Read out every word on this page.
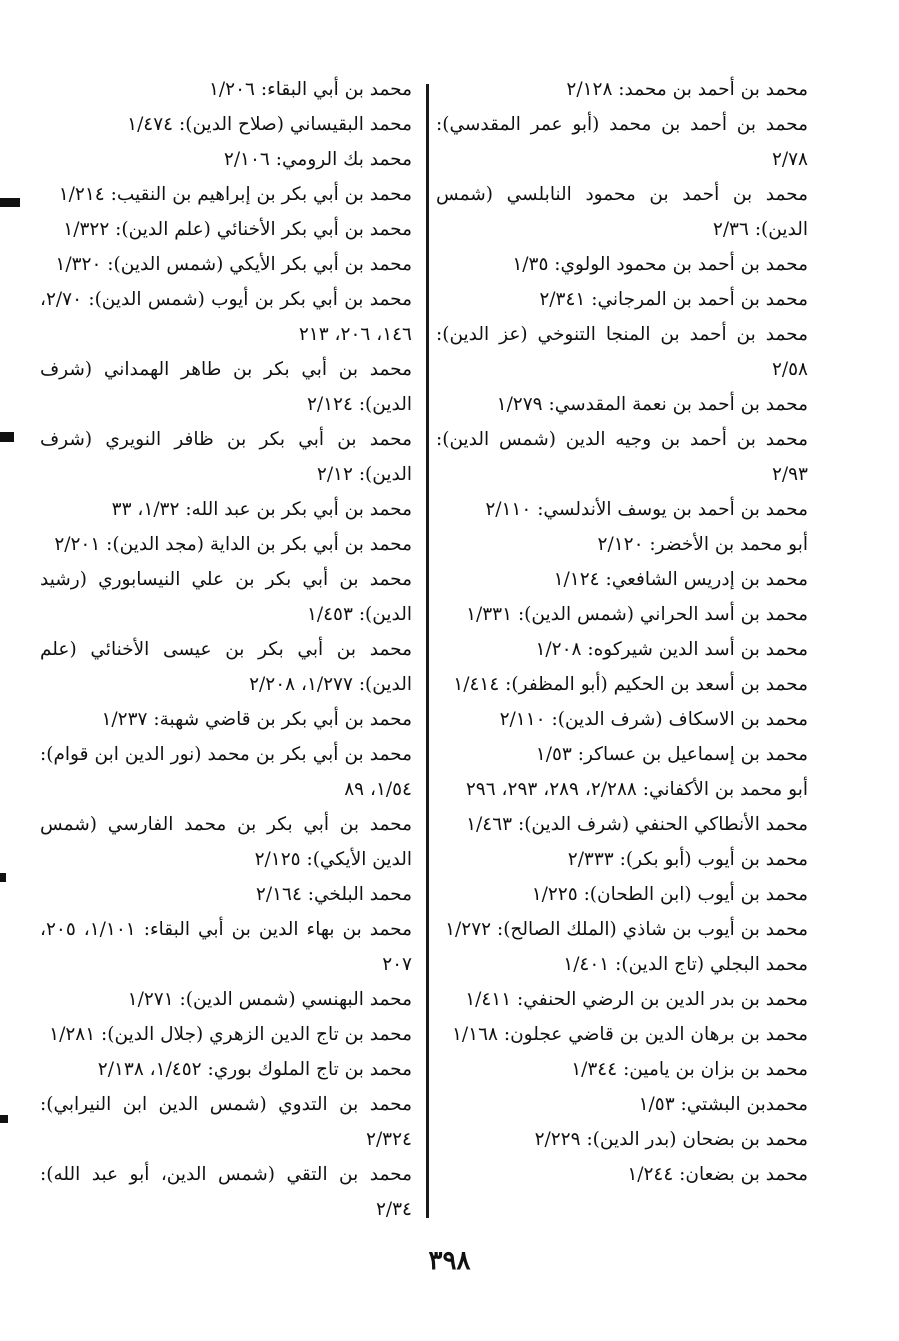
محمد بن أحمد بن محمد: ٢/١٢٨

محمد بن أحمد بن محمد (أبو عمر المقدسي): ٢/٧٨

محمد بن أحمد بن محمود النابلسي (شمس الدين): ٢/٣٦

محمد بن أحمد بن محمود الولوي: ١/٣٥

محمد بن أحمد بن المرجاني: ٢/٣٤١

محمد بن أحمد بن المنجا التنوخي (عز الدين): ٢/٥٨

محمد بن أحمد بن نعمة المقدسي: ١/٢٧٩

محمد بن أحمد بن وجيه الدين (شمس الدين): ٢/٩٣

محمد بن أحمد بن يوسف الأندلسي: ٢/١١٠

أبو محمد بن الأخضر: ٢/١٢٠

محمد بن إدريس الشافعي: ١/١٢٤

محمد بن أسد الحراني (شمس الدين): ١/٣٣١

محمد بن أسد الدين شيركوه: ١/٢٠٨

محمد بن أسعد بن الحكيم (أبو المظفر): ١/٤١٤

محمد بن الاسكاف (شرف الدين): ٢/١١٠

محمد بن إسماعيل بن عساكر: ١/٥٣

أبو محمد بن الأكفاني: ٢/٢٨٨، ٢٨٩، ٢٩٣، ٢٩٦

محمد الأنطاكي الحنفي (شرف الدين): ١/٤٦٣

محمد بن أيوب (أبو بكر): ٢/٣٣٣

محمد بن أيوب (ابن الطحان): ١/٢٢٥

محمد بن أيوب بن شاذي (الملك الصالح): ١/٢٧٢

محمد البجلي (تاج الدين): ١/٤٠١

محمد بن بدر الدين بن الرضي الحنفي: ١/٤١١

محمد بن برهان الدين بن قاضي عجلون: ١/١٦٨

محمد بن بزان بن يامين: ١/٣٤٤

محمدبن البشتي: ١/٥٣

محمد بن بضحان (بدر الدين): ٢/٢٢٩

محمد بن بضعان: ١/٢٤٤

محمد بن أبي البقاء: ١/٢٠٦

محمد البقيساني (صلاح الدين): ١/٤٧٤

محمد بك الرومي: ٢/١٠٦

محمد بن أبي بكر بن إبراهيم بن النقيب: ١/٢١٤

محمد بن أبي بكر الأخنائي (علم الدين): ١/٣٢٢

محمد بن أبي بكر الأيكي (شمس الدين): ١/٣٢٠

محمد بن أبي بكر بن أيوب (شمس الدين): ٢/٧٠، ١٤٦، ٢٠٦، ٢١٣

محمد بن أبي بكر بن طاهر الهمداني (شرف الدين): ٢/١٢٤

محمد بن أبي بكر بن ظافر النويري (شرف الدين): ٢/١٢

محمد بن أبي بكر بن عبد الله: ١/٣٢، ٣٣

محمد بن أبي بكر بن الداية (مجد الدين): ٢/٢٠١

محمد بن أبي بكر بن علي النيسابوري (رشيد الدين): ١/٤٥٣

محمد بن أبي بكر بن عيسى الأخنائي (علم الدين): ١/٢٧٧، ٢/٢٠٨

محمد بن أبي بكر بن قاضي شهبة: ١/٢٣٧

محمد بن أبي بكر بن محمد (نور الدين ابن قوام): ١/٥٤، ٨٩

محمد بن أبي بكر بن محمد الفارسي (شمس الدين الأيكي): ٢/١٢٥

محمد البلخي: ٢/١٦٤

محمد بن بهاء الدين بن أبي البقاء: ١/١٠١، ٢٠٥، ٢٠٧

محمد البهنسي (شمس الدين): ١/٢٧١

محمد بن تاج الدين الزهري (جلال الدين): ١/٢٨١

محمد بن تاج الملوك بوري: ١/٤٥٢، ٢/١٣٨

محمد بن التدوي (شمس الدين ابن النيرابي): ٢/٣٢٤

محمد بن التقي (شمس الدين، أبو عبد الله): ٢/٣٤

٣٩٨
